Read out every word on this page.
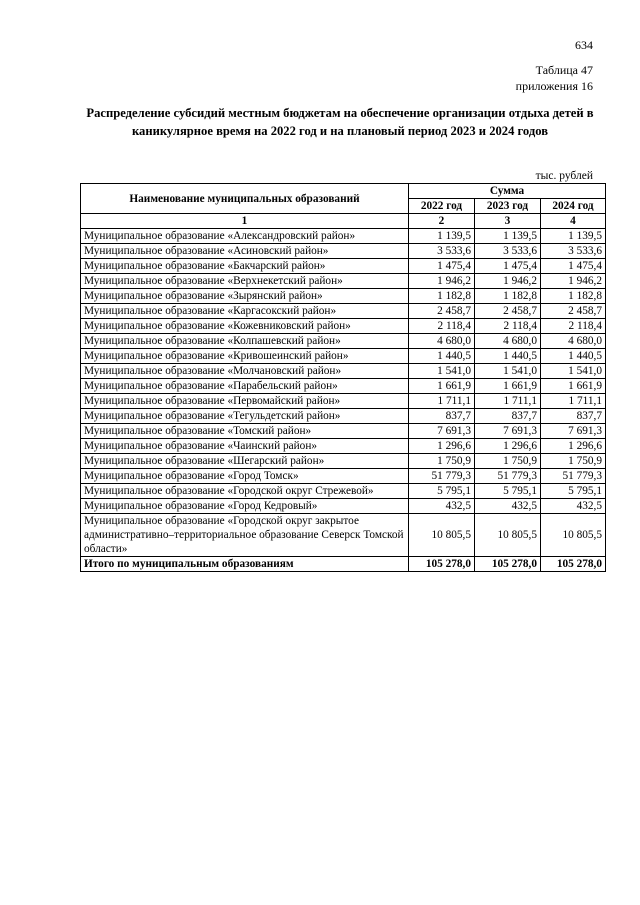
634
Таблица 47
приложения 16
Распределение субсидий местным бюджетам на обеспечение организации отдыха детей в каникулярное время на 2022 год и на плановый период 2023 и 2024 годов
тыс. рублей
Наименование муниципальных образований	Сумма		
	2022 год	2023 год	2024 год
1	2	3	4
Муниципальное образование «Александровский район»	1 139,5	1 139,5	1 139,5
Муниципальное образование «Асиновский район»	3 533,6	3 533,6	3 533,6
Муниципальное образование «Бакчарский район»	1 475,4	1 475,4	1 475,4
Муниципальное образование «Верхнекетский район»	1 946,2	1 946,2	1 946,2
Муниципальное образование «Зырянский район»	1 182,8	1 182,8	1 182,8
Муниципальное образование «Каргасокский район»	2 458,7	2 458,7	2 458,7
Муниципальное образование «Кожевниковский район»	2 118,4	2 118,4	2 118,4
Муниципальное образование «Колпашевский район»	4 680,0	4 680,0	4 680,0
Муниципальное образование «Кривошеинский район»	1 440,5	1 440,5	1 440,5
Муниципальное образование «Молчановский район»	1 541,0	1 541,0	1 541,0
Муниципальное образование «Парабельский район»	1 661,9	1 661,9	1 661,9
Муниципальное образование «Первомайский район»	1 711,1	1 711,1	1 711,1
Муниципальное образование «Тегульдетский район»	837,7	837,7	837,7
Муниципальное образование «Томский район»	7 691,3	7 691,3	7 691,3
Муниципальное образование «Чаинский район»	1 296,6	1 296,6	1 296,6
Муниципальное образование «Шегарский район»	1 750,9	1 750,9	1 750,9
Муниципальное образование «Город Томск»	51 779,3	51 779,3	51 779,3
Муниципальное образование «Городской округ Стрежевой»	5 795,1	5 795,1	5 795,1
Муниципальное образование «Город Кедровый»	432,5	432,5	432,5
Муниципальное образование «Городской округ закрытое административно–территориальное образование Северск Томской области»	10 805,5	10 805,5	10 805,5
Итого по муниципальным образованиям	105 278,0	105 278,0	105 278,0
